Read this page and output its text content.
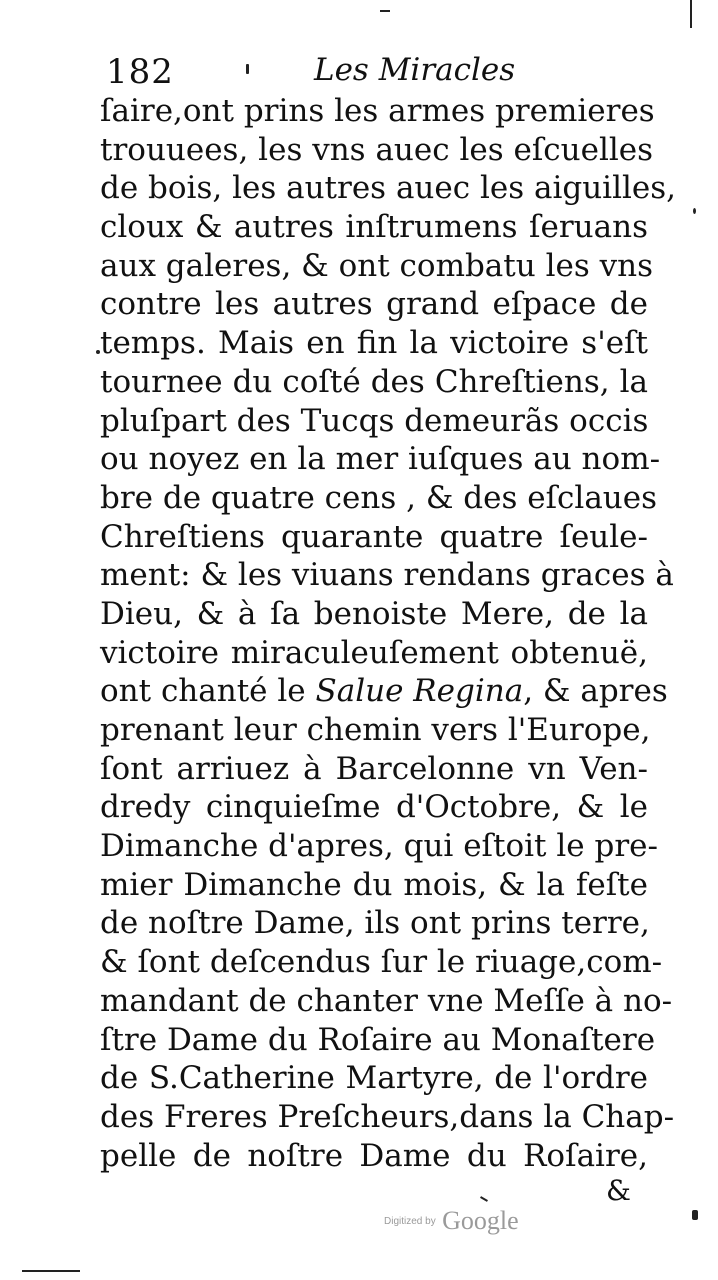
182	Les Miracles
ſaire,ont prins les armes premieres
trouuees, les vns auec les eſcuelles
de bois, les autres auec les aiguilles,
cloux & autres inſtrumens ſeruans
aux galeres, & ont combatu les vns
contre les autres grand eſpace de
temps. Mais en fin la victoire s'eſt
tournee du coſté des Chreſtiens, la
pluſpart des Tucqs demeurãs occis
ou noyez en la mer iuſques au nom-
bre de quatre cens , & des eſclaues
Chreſtiens quarante quatre ſeule-
ment: & les viuans rendans graces à
Dieu, & à ſa benoiste Mere, de la
victoire miraculeuſement obtenuë,
ont chanté le Salue Regina, & apres
prenant leur chemin vers l'Europe,
ſont arriuez à Barcelonne vn Ven-
dredy cinquieſme d'Octobre, & le
Dimanche d'apres, qui eſtoit le pre-
mier Dimanche du mois, & la feſte
de noſtre Dame, ils ont prins terre,
& ſont deſcendus ſur le riuage,com-
mandant de chanter vne Meſſe à no-
ſtre Dame du Roſaire au Monaſtere
de S.Catherine Martyre, de l'ordre
des Freres Preſcheurs,dans la Chap-
pelle de noſtre Dame du Roſaire,
&
Digitized by Google
